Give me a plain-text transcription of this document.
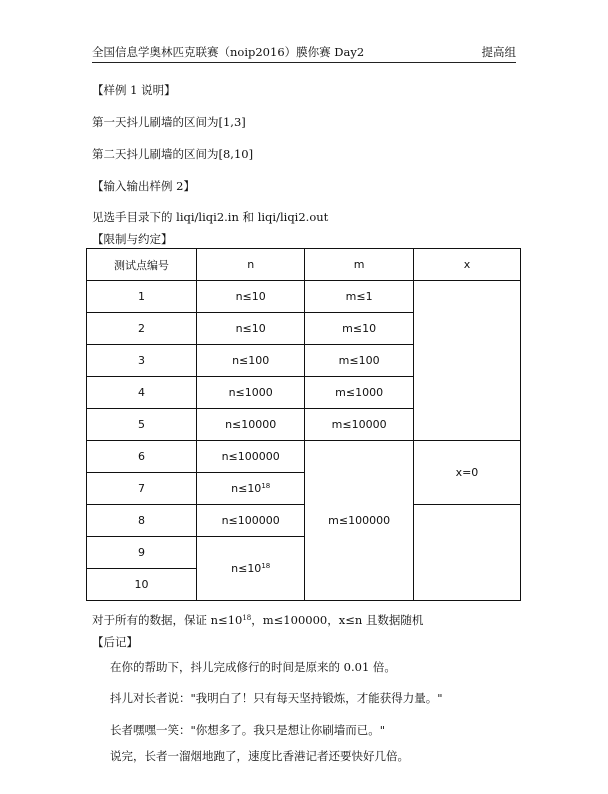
全国信息学奥林匹克联赛（noip2016）膜你赛 Day2	提高组
【样例 1 说明】
第一天抖儿刷墙的区间为[1,3]
第二天抖儿刷墙的区间为[8,10]
【输入输出样例 2】
见选手目录下的 liqi/liqi2.in 和 liqi/liqi2.out
【限制与约定】
测试点编号	n	m	x
1	n≤10	m≤1	
2	n≤10	m≤10	
3	n≤100	m≤100	
4	n≤1000	m≤1000	
5	n≤10000	m≤10000	
6	n≤100000	m≤100000	x=0
7	$n\le 10^{18}$
8	n≤100000		
9	$n\le 10^{18}$
10			
对于所有的数据，保证 $n\le 10^{18}$，m≤100000，x≤n 且数据随机
【后记】
在你的帮助下，抖儿完成修行的时间是原来的 0.01 倍。
抖儿对长者说："我明白了！只有每天坚持锻炼，才能获得力量。"
长者嘿嘿一笑："你想多了。我只是想让你刷墙而已。"
说完，长者一溜烟地跑了，速度比香港记者还要快好几倍。
